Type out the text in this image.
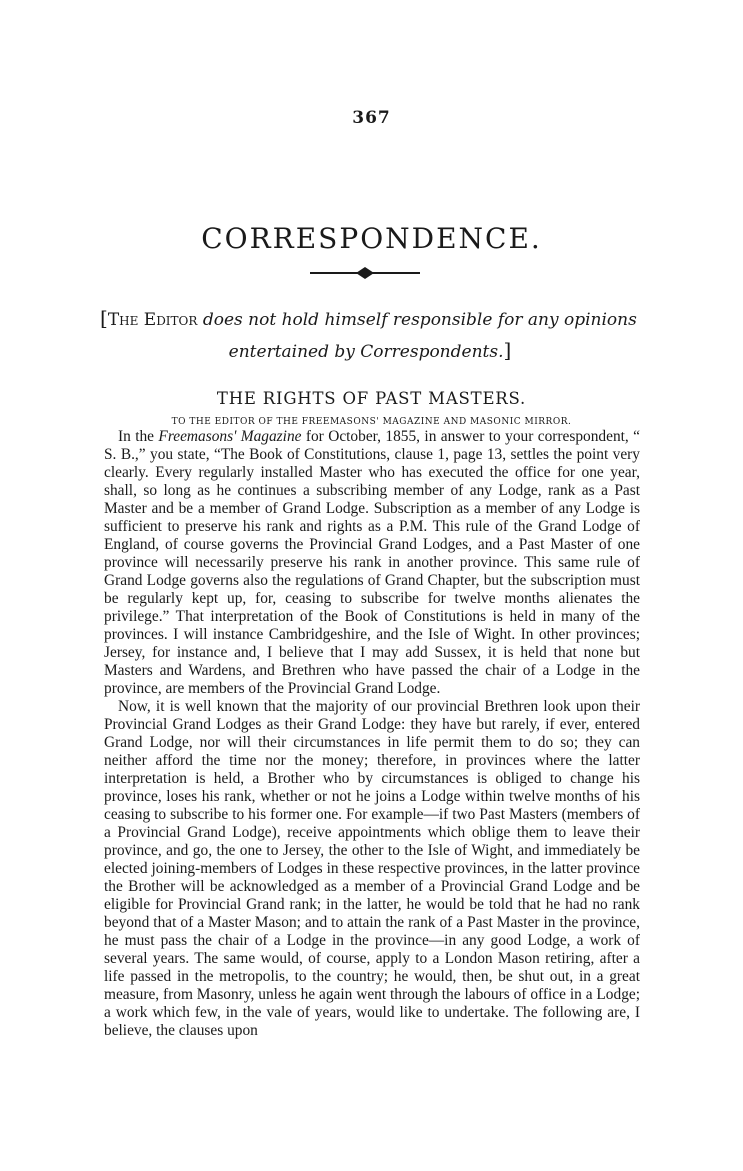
367
CORRESPONDENCE.
[The Editor does not hold himself responsible for any opinions
entertained by Correspondents.]
THE RIGHTS OF PAST MASTERS.
TO THE EDITOR OF THE FREEMASONS' MAGAZINE AND MASONIC MIRROR.

In the Freemasons' Magazine for October, 1855, in answer to your correspondent, “ S. B.,” you state, “The Book of Constitutions, clause 1, page 13, settles the point very clearly. Every regularly installed Master who has executed the office for one year, shall, so long as he continues a subscribing member of any Lodge, rank as a Past Master and be a member of Grand Lodge. Subscription as a member of any Lodge is sufficient to preserve his rank and rights as a P.M. This rule of the Grand Lodge of England, of course governs the Provincial Grand Lodges, and a Past Master of one province will necessarily preserve his rank in another province. This same rule of Grand Lodge governs also the regulations of Grand Chapter, but the subscription must be regularly kept up, for, ceasing to subscribe for twelve months alienates the privilege.” That interpretation of the Book of Constitutions is held in many of the provinces. I will instance Cambridgeshire, and the Isle of Wight. In other provinces; Jersey, for instance and, I believe that I may add Sussex, it is held that none but Masters and Wardens, and Brethren who have passed the chair of a Lodge in the province, are members of the Provincial Grand Lodge.

Now, it is well known that the majority of our provincial Brethren look upon their Provincial Grand Lodges as their Grand Lodge: they have but rarely, if ever, entered Grand Lodge, nor will their circumstances in life permit them to do so; they can neither afford the time nor the money; therefore, in provinces where the latter interpretation is held, a Brother who by circumstances is obliged to change his province, loses his rank, whether or not he joins a Lodge within twelve months of his ceasing to subscribe to his former one. For example—if two Past Masters (members of a Provincial Grand Lodge), receive appointments which oblige them to leave their province, and go, the one to Jersey, the other to the Isle of Wight, and immediately be elected joining-members of Lodges in these respective provinces, in the latter province the Brother will be acknowledged as a member of a Provincial Grand Lodge and be eligible for Provincial Grand rank; in the latter, he would be told that he had no rank beyond that of a Master Mason; and to attain the rank of a Past Master in the province, he must pass the chair of a Lodge in the province—in any good Lodge, a work of several years. The same would, of course, apply to a London Mason retiring, after a life passed in the metropolis, to the country; he would, then, be shut out, in a great measure, from Masonry, unless he again went through the labours of office in a Lodge; a work which few, in the vale of years, would like to undertake. The following are, I believe, the clauses upon
